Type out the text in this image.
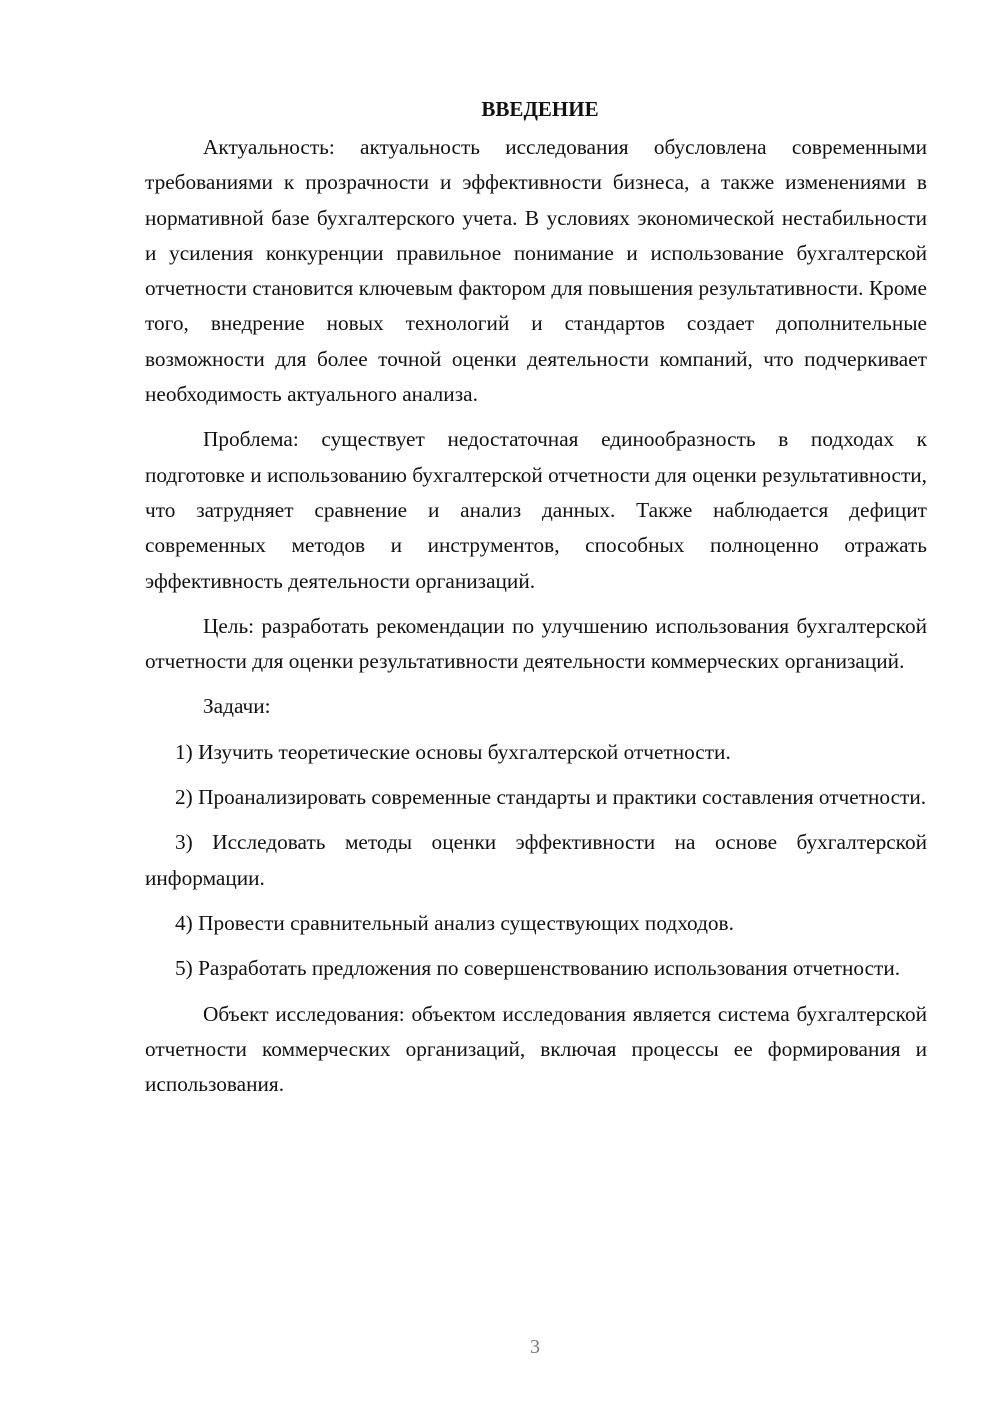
ВВЕДЕНИЕ

Актуальность: актуальность исследования обусловлена современными требованиями к прозрачности и эффективности бизнеса, а также изменениями в нормативной базе бухгалтерского учета. В условиях экономической нестабильности и усиления конкуренции правильное понимание и использование бухгалтерской отчетности становится ключевым фактором для повышения результативности. Кроме того, внедрение новых технологий и стандартов создает дополнительные возможности для более точной оценки деятельности компаний, что подчеркивает необходимость актуального анализа.

Проблема: существует недостаточная единообразность в подходах к подготовке и использованию бухгалтерской отчетности для оценки результативности, что затрудняет сравнение и анализ данных. Также наблюдается дефицит современных методов и инструментов, способных полноценно отражать эффективность деятельности организаций.

Цель: разработать рекомендации по улучшению использования бухгалтерской отчетности для оценки результативности деятельности коммерческих организаций.

Задачи:

1) Изучить теоретические основы бухгалтерской отчетности.

2) Проанализировать современные стандарты и практики составления отчетности.

3) Исследовать методы оценки эффективности на основе бухгалтерской информации.

4) Провести сравнительный анализ существующих подходов.

5) Разработать предложения по совершенствованию использования отчетности.

Объект исследования: объектом исследования является система бухгалтерской отчетности коммерческих организаций, включая процессы ее формирования и использования.

3
